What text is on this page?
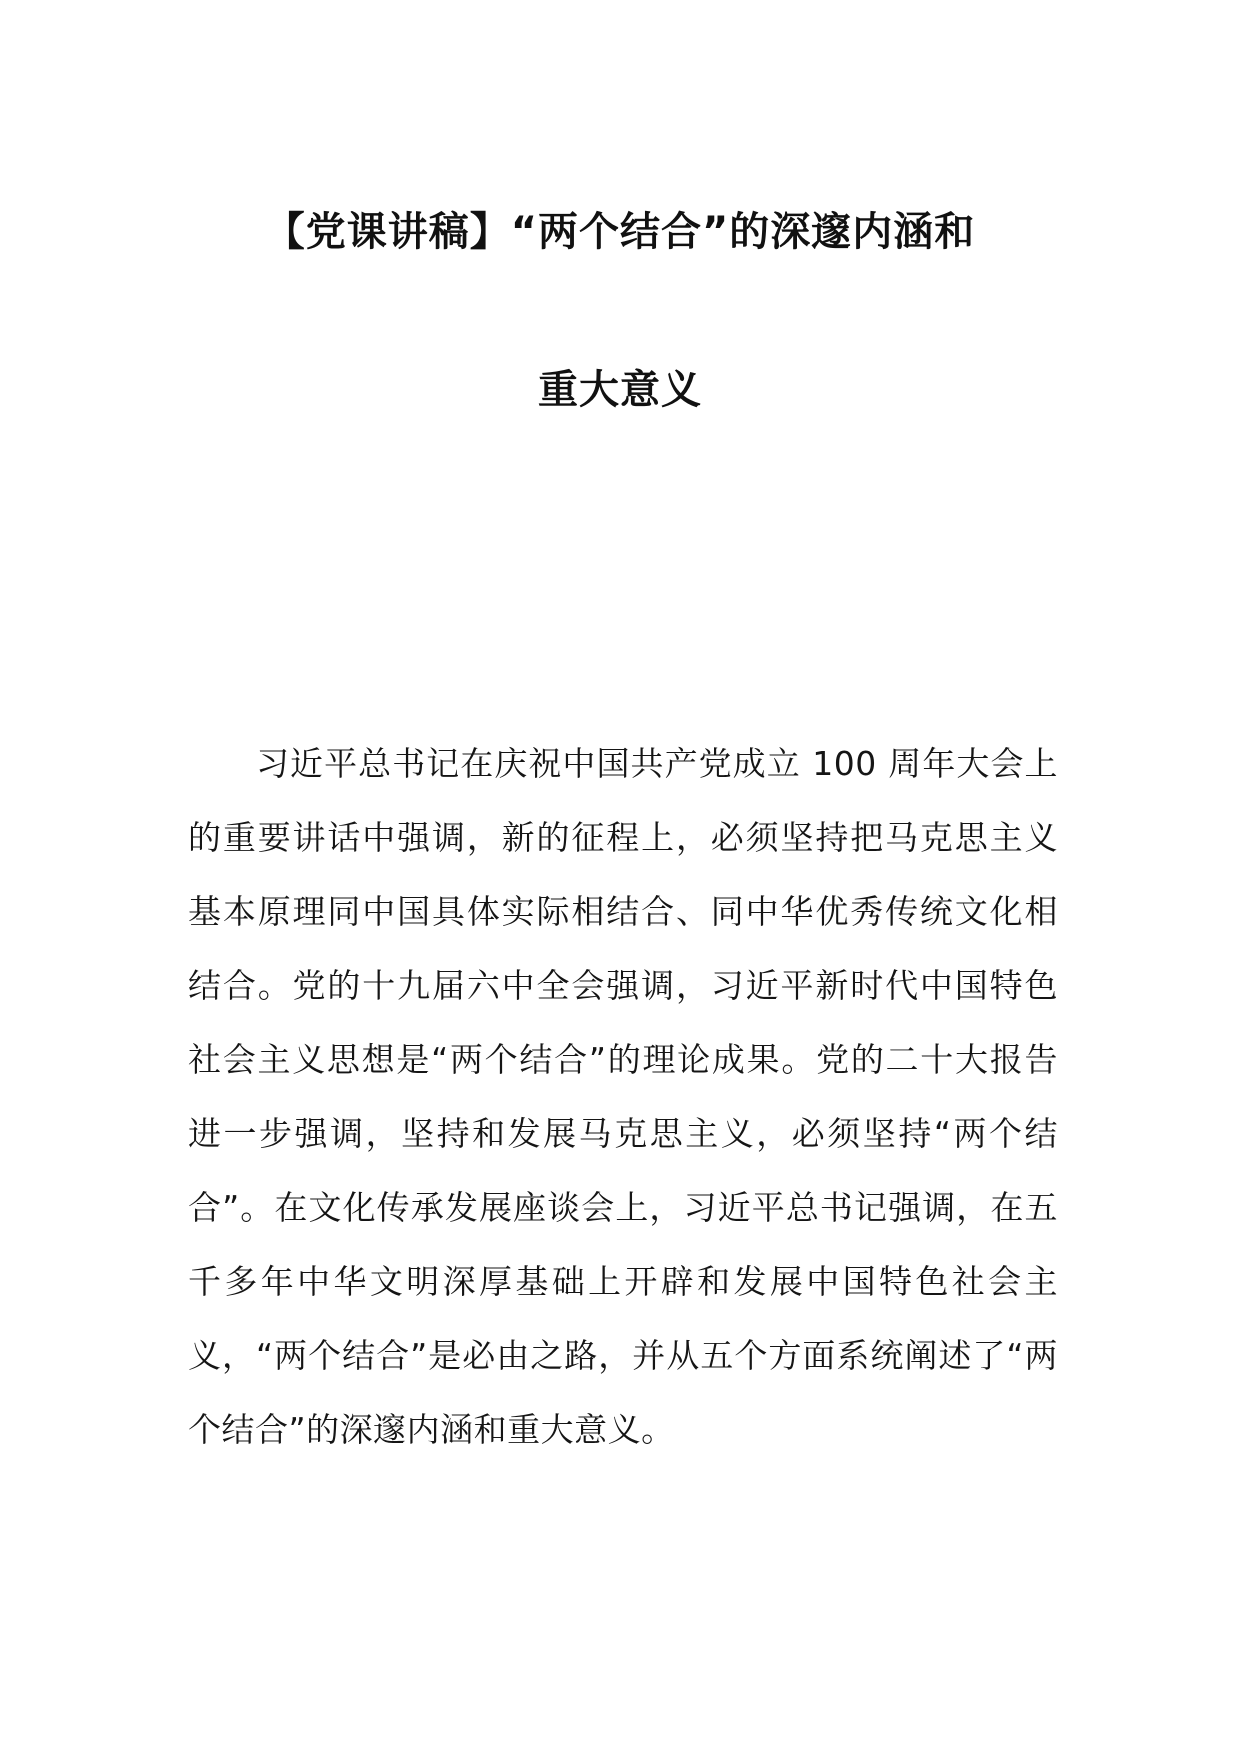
【党课讲稿】“两个结合”的深邃内涵和
重大意义

习近平总书记在庆祝中国共产党成立 100 周年大会上的重要讲话中强调，新的征程上，必须坚持把马克思主义基本原理同中国具体实际相结合、同中华优秀传统文化相结合。党的十九届六中全会强调，习近平新时代中国特色社会主义思想是“两个结合”的理论成果。党的二十大报告进一步强调，坚持和发展马克思主义，必须坚持“两个结合”。在文化传承发展座谈会上，习近平总书记强调，在五千多年中华文明深厚基础上开辟和发展中国特色社会主义，“两个结合”是必由之路，并从五个方面系统阐述了“两个结合”的深邃内涵和重大意义。
